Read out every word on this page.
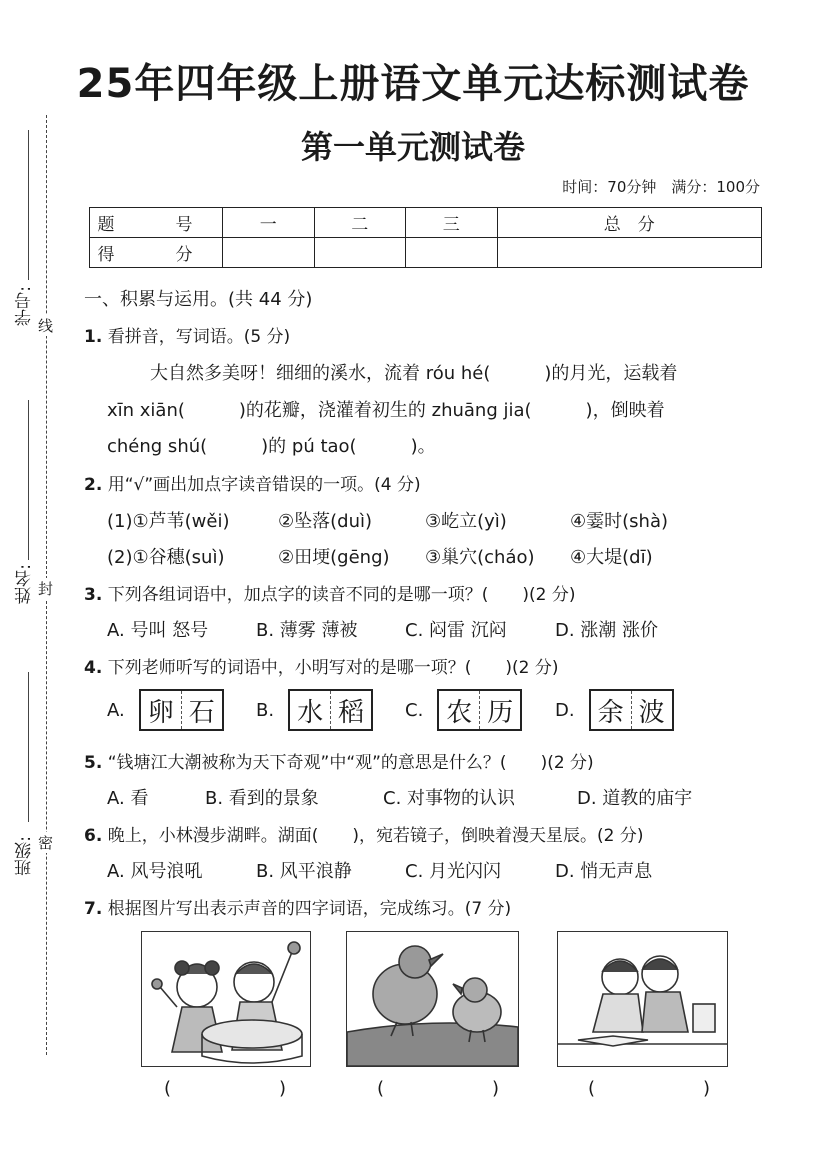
25年四年级上册语文单元达标测试卷
第一单元测试卷
时间：70分钟　满分：100分
题　号	一	二	三	总　分
得　分				
学号:
线
姓名: 封
班级: 密
一、积累与运用。(共 44 分)
1. 看拼音，写词语。(5 分)
大自然多美呀！细细的溪水，流着 róu hé(　　　)的月光，运载着
xīn xiān(　　　)的花瓣，浇灌着初生的 zhuāng jia(　　　)，倒映着
chéng shú(　　　)的 pú tao(　　　)。
2. 用“√”画出加点字读音错误的一项。(4 分)
(1)①芦苇(wěi)	②坠落(duì)	③屹立(yì)	④霎时(shà)
(2)①谷穗(suì)	②田埂(gēng) ③巢穴(cháo) ④大堤(dī)
3. 下列各组词语中，加点字的读音不同的是哪一项？(　　)(2 分)
A. 号叫 怒号	B. 薄雾 薄被	C. 闷雷 沉闷	D. 涨潮 涨价
4. 下列老师听写的词语中，小明写对的是哪一项？(　　)(2 分)
A. 卵 石	B. 水 稻	C. 农 历	D. 余 波
5. “钱塘江大潮被称为天下奇观”中“观”的意思是什么？(　　)(2 分)
A. 看	B. 看到的景象	C. 对事物的认识	D. 道教的庙宇
6. 晚上，小林漫步湖畔。湖面(　　)，宛若镜子，倒映着漫天星辰。(2 分)
A. 风号浪吼	B. 风平浪静	C. 月光闪闪	D. 悄无声息
7. 根据图片写出表示声音的四字词语，完成练习。(7 分)
(　　　　　　)	(　　　　　　)	(　　　　　　)
